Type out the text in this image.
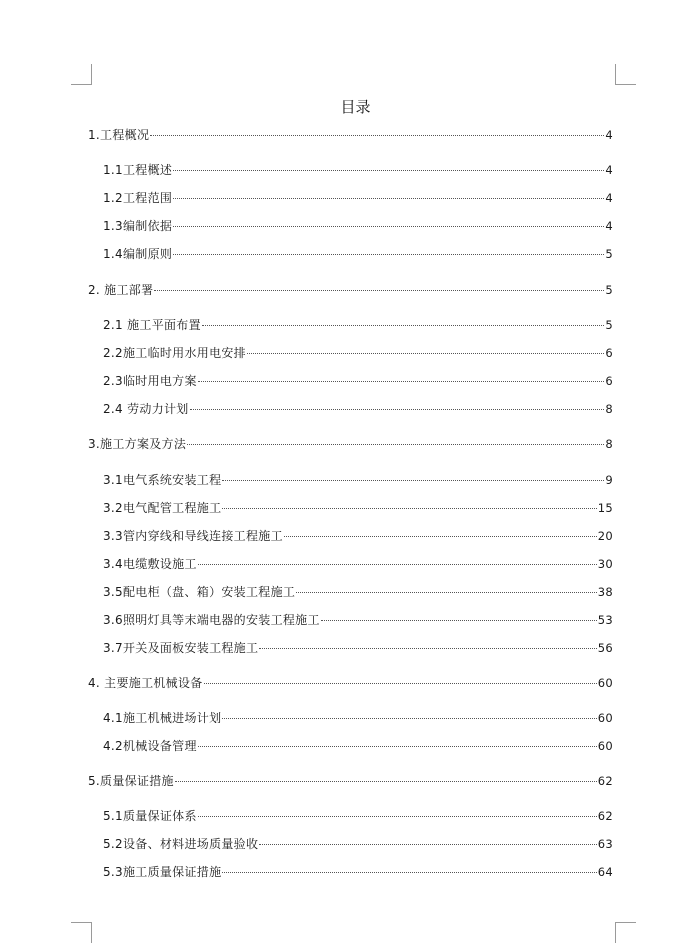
目录
1.工程概况	4
1.1工程概述	4
1.2工程范围	4
1.3编制依据	4
1.4编制原则	5
2. 施工部署	5
2.1 施工平面布置	5
2.2施工临时用水用电安排	6
2.3临时用电方案	6
2.4 劳动力计划	8
3.施工方案及方法	8
3.1电气系统安装工程	9
3.2电气配管工程施工	15
3.3管内穿线和导线连接工程施工	20
3.4电缆敷设施工	30
3.5配电柜（盘、箱）安装工程施工	38
3.6照明灯具等末端电器的安装工程施工	53
3.7开关及面板安装工程施工	56
4. 主要施工机械设备	60
4.1施工机械进场计划	60
4.2机械设备管理	60
5.质量保证措施	62
5.1质量保证体系	62
5.2设备、材料进场质量验收	63
5.3施工质量保证措施	64
